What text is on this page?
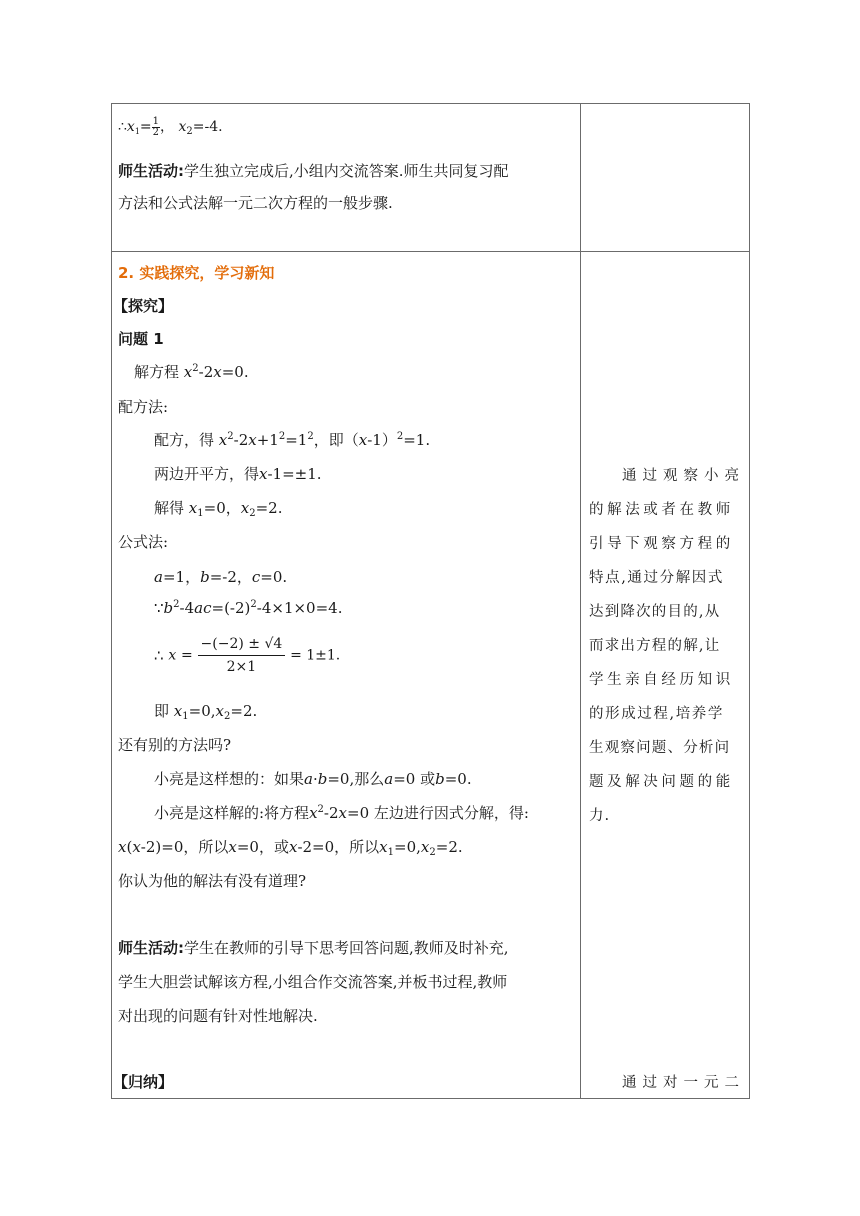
$\therefore x_1= \frac{1}{2}$ ， $x_2=-4$.
师生活动:学生独立完成后,小组内交流答案.师生共同复习配
方法和公式法解一元二次方程的一般步骤.
2. 实践探究，学习新知
【探究】
问题 1
解方程 $x^2-2x=0$.
配方法:
配方，得 $x^2-2x+1^2=1^2$，即$(x-1)^2=1$.
两边开平方，得x-1=±1.
解得 $x_1=0$，$x_2=2$.
公式法:
a=1，b=-2，c=0.
$\because b^2-4ac=(-2)^2-4\times 1\times 0=4$.
∴ $x = \frac{-(-2) \pm √4}{2\times 1} = 1\pm 1$.
即 $x_1=0,x_2=2$.
还有别的方法吗?
小亮是这样想的：如果a·b=0,那么a=0 或b=0.
小亮是这样解的:将方程$x^2-2x=0$ 左边进行因式分解，得:
x(x-2)=0，所以x=0，或x-2=0，所以$x_1=0,x_2=2$.
你认为他的解法有没有道理?
师生活动:学生在教师的引导下思考回答问题,教师及时补充,
学生大胆尝试解该方程,小组合作交流答案,并板书过程,教师
对出现的问题有针对性地解决.
【归纳】
通过观察小亮
的解法或者在教师
引导下观察方程的
特点,通过分解因式
达到降次的目的,从
而求出方程的解,让
学生亲自经历知识
的形成过程,培养学
生观察问题、分析问
题及解决问题的能
力.
通过对一元二
